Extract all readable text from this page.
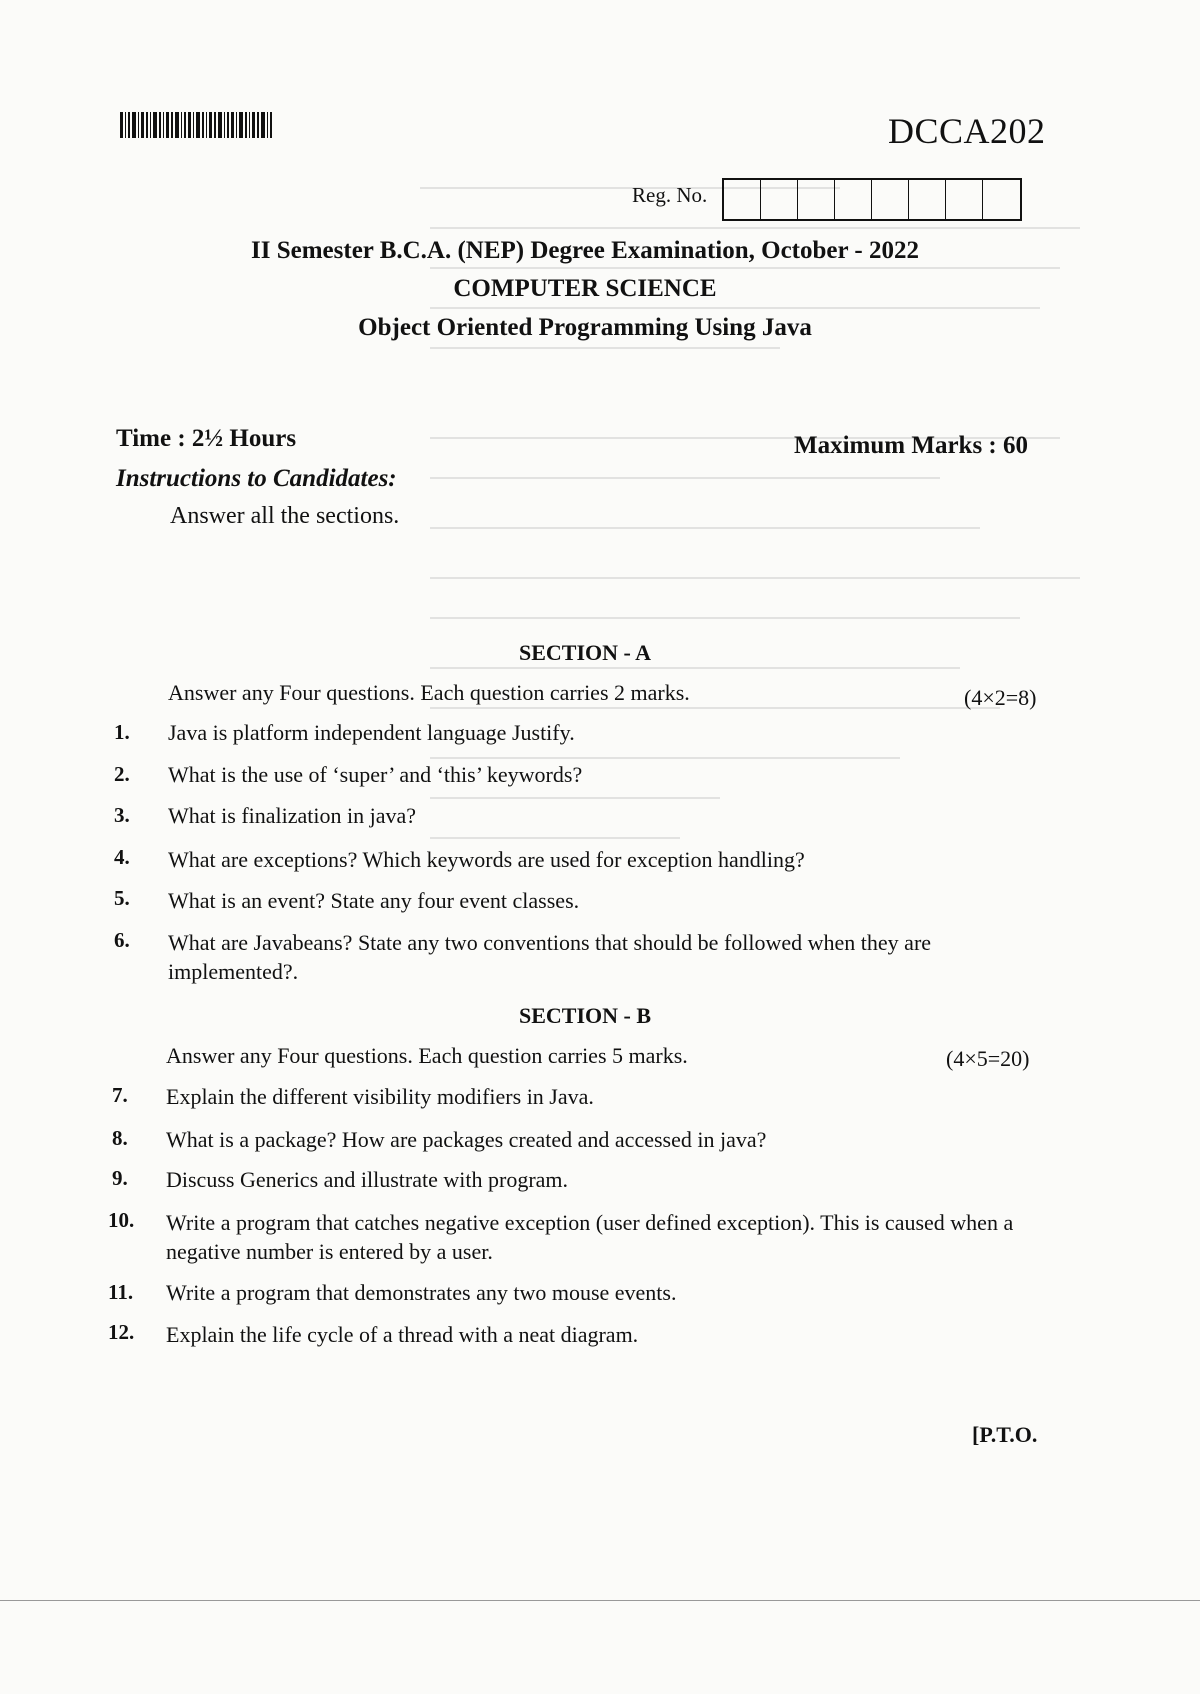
DCCA202
Reg. No.
II Semester B.C.A. (NEP) Degree Examination, October - 2022
COMPUTER SCIENCE
Object Oriented Programming Using Java
Time : 2½ Hours	Maximum Marks : 60
Instructions to Candidates:
Answer all the sections.
SECTION - A
Answer any Four questions. Each question carries 2 marks.	(4×2=8)
1.	Java is platform independent language Justify.
2.	What is the use of ‘super’ and ‘this’ keywords?
3.	What is finalization in java?
4.	What are exceptions? Which keywords are used for exception handling?
5.	What is an event? State any four event classes.
6.	What are Javabeans? State any two conventions that should be followed when they are implemented?.
SECTION - B
Answer any Four questions. Each question carries 5 marks.	(4×5=20)
7.	Explain the different visibility modifiers in Java.
8.	What is a package? How are packages created and accessed in java?
9.	Discuss Generics and illustrate with program.
10.	Write a program that catches negative exception (user defined exception). This is caused when a negative number is entered by a user.
11.	Write a program that demonstrates any two mouse events.
12.	Explain the life cycle of a thread with a neat diagram.
[P.T.O.
